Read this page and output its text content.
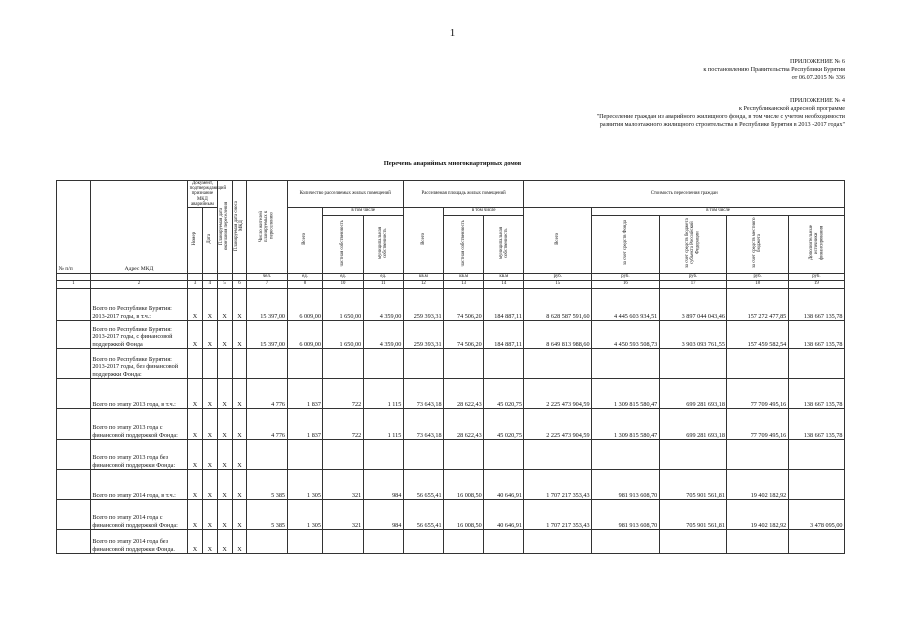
1
ПРИЛОЖЕНИЕ № 6
к постановлению Правительства Республики Бурятия
от 06.07.2015 № 336
ПРИЛОЖЕНИЕ № 4
к Республиканской адресной программе
"Переселение граждан из аварийного жилищного фонда, в том числе с учетом необходимости
развития малоэтажного жилищного строительства в Республике Бурятия в 2013 -2017 годах"
Перечень аварийных многоквартирных домов
№ п/п	Адрес МКД	Документ, подтверждающий признание МКД аварийным		Планируемая дата окончания переселения	Планируемая дата сноса МКД	Число жителей планируемых к переселению	Количество расселяемых жилых помещений			Расселяемая площадь жилых помещений			Стоимость переселения граждан				
		Номер	Дата				Всего	в том числе		Всего	в том числе		Всего	в том числе			
								частная собственность	муниципальная собственность		частная собственность	муниципальная собственность		за счет средств Фонда	за счет средств бюджета субъекта Российской Федерации	за счет средств местного бюджета	Дополнительные источники финансирования
						чел.	ед.	ед.	ед.	кв.м	кв.м	кв.м	руб.	руб.	руб.	руб.	руб.
1	2	3	4	5	6	7	8	10	11	12	13	14	15	16	17	18	19
	Всего по Республике Бурятия: 2013-2017 годы, в т.ч.:	X	X	X	X	15 397,00	6 009,00	1 650,00	4 359,00	259 393,31	74 506,20	184 887,11	8 628 587 591,60	4 445 603 934,51	3 897 044 043,46	157 272 477,85	138 667 135,78
	Всего по Республике Бурятия: 2013-2017 годы, с финансовой поддержкой Фонда	X	X	X	X	15 397,00	6 009,00	1 650,00	4 359,00	259 393,31	74 506,20	184 887,11	8 649 813 988,60	4 450 593 508,73	3 903 093 761,55	157 459 582,54	138 667 135,78
	Всего по Республике Бурятия: 2013-2017 годы, без финансовой поддержки Фонда:																
	Всего по этапу 2013 года, в т.ч.:	X	X	X	X	4 776	1 837	722	1 115	73 643,18	28 622,43	45 020,75	2 225 473 904,59	1 309 815 580,47	699 281 693,18	77 709 495,16	138 667 135,78
	Всего по этапу 2013 года с финансовой поддержкой Фонда:	X	X	X	X	4 776	1 837	722	1 115	73 643,18	28 622,43	45 020,75	2 225 473 904,59	1 309 815 580,47	699 281 693,18	77 709 495,16	138 667 135,78
	Всего по этапу 2013 года без финансовой поддержки Фонда:	X	X	X	X												
	Всего по этапу 2014 года, в т.ч.:	X	X	X	X	5 385	1 305	321	984	56 655,41	16 008,50	40 646,91	1 707 217 353,43	981 913 608,70	705 901 561,81	19 402 182,92	
	Всего по этапу 2014 года с финансовой поддержкой Фонда:	X	X	X	X	5 385	1 305	321	984	56 655,41	16 008,50	40 646,91	1 707 217 353,43	981 913 608,70	705 901 561,81	19 402 182,92	3 478 095,00
	Всего по этапу 2014 года без финансовой поддержки Фонда.	X	X	X	X												
